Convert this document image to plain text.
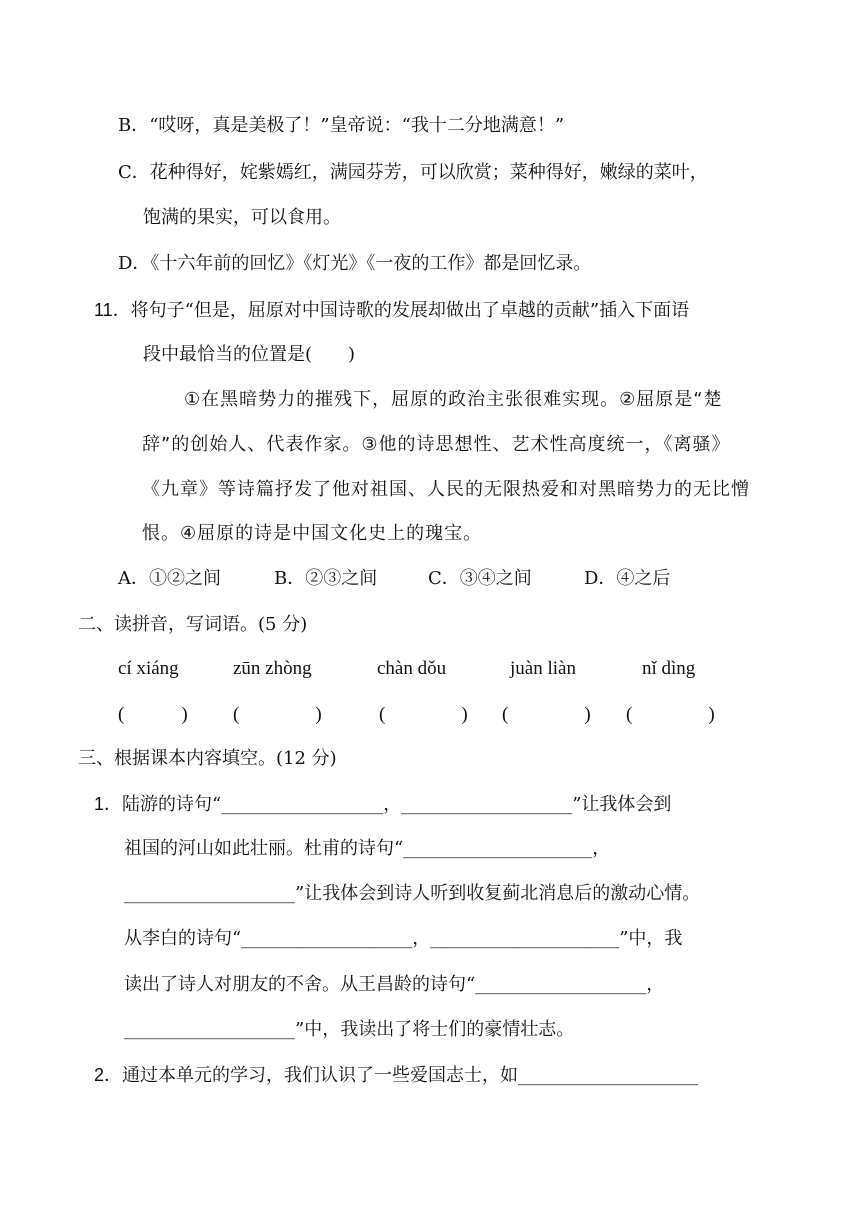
B．“哎呀，真是美极了！”皇帝说：“我十二分地满意！”
C．花种得好，姹紫嫣红，满园芬芳，可以欣赏；菜种得好，嫩绿的菜叶，
饱满的果实，可以食用。
D．《十六年前的回忆》《灯光》《一夜的工作》都是回忆录。
11．将句子“但是，屈原对中国诗歌的发展却做出了卓越的贡献”插入下面语
段中最恰当的位置是(　　)
①在黑暗势力的摧残下，屈原的政治主张很难实现。②屈原是“楚
辞”的创始人、代表作家。③他的诗思想性、艺术性高度统一，《离骚》
《九章》等诗篇抒发了他对祖国、人民的无限热爱和对黑暗势力的无比憎
恨。④屈原的诗是中国文化史上的瑰宝。
A．①②之间	B．②③之间	C．③④之间	D．④之后
二、读拼音，写词语。(5 分)
cí xiáng	zūn zhòng	chàn dǒu	juàn liàn	nǐ dìng
(　　　) (　　　　)	(　　　　) (　　　　) (　　　　)
三、根据课本内容填空。(12 分)
1．陆游的诗句“__________________，___________________”让我体会到
祖国的河山如此壮丽。杜甫的诗句“_____________________，
___________________”让我体会到诗人听到收复蓟北消息后的激动心情。
从李白的诗句“___________________，_____________________”中，我
读出了诗人对朋友的不舍。从王昌龄的诗句“___________________，
___________________”中，我读出了将士们的豪情壮志。
2．通过本单元的学习，我们认识了一些爱国志士，如____________________
